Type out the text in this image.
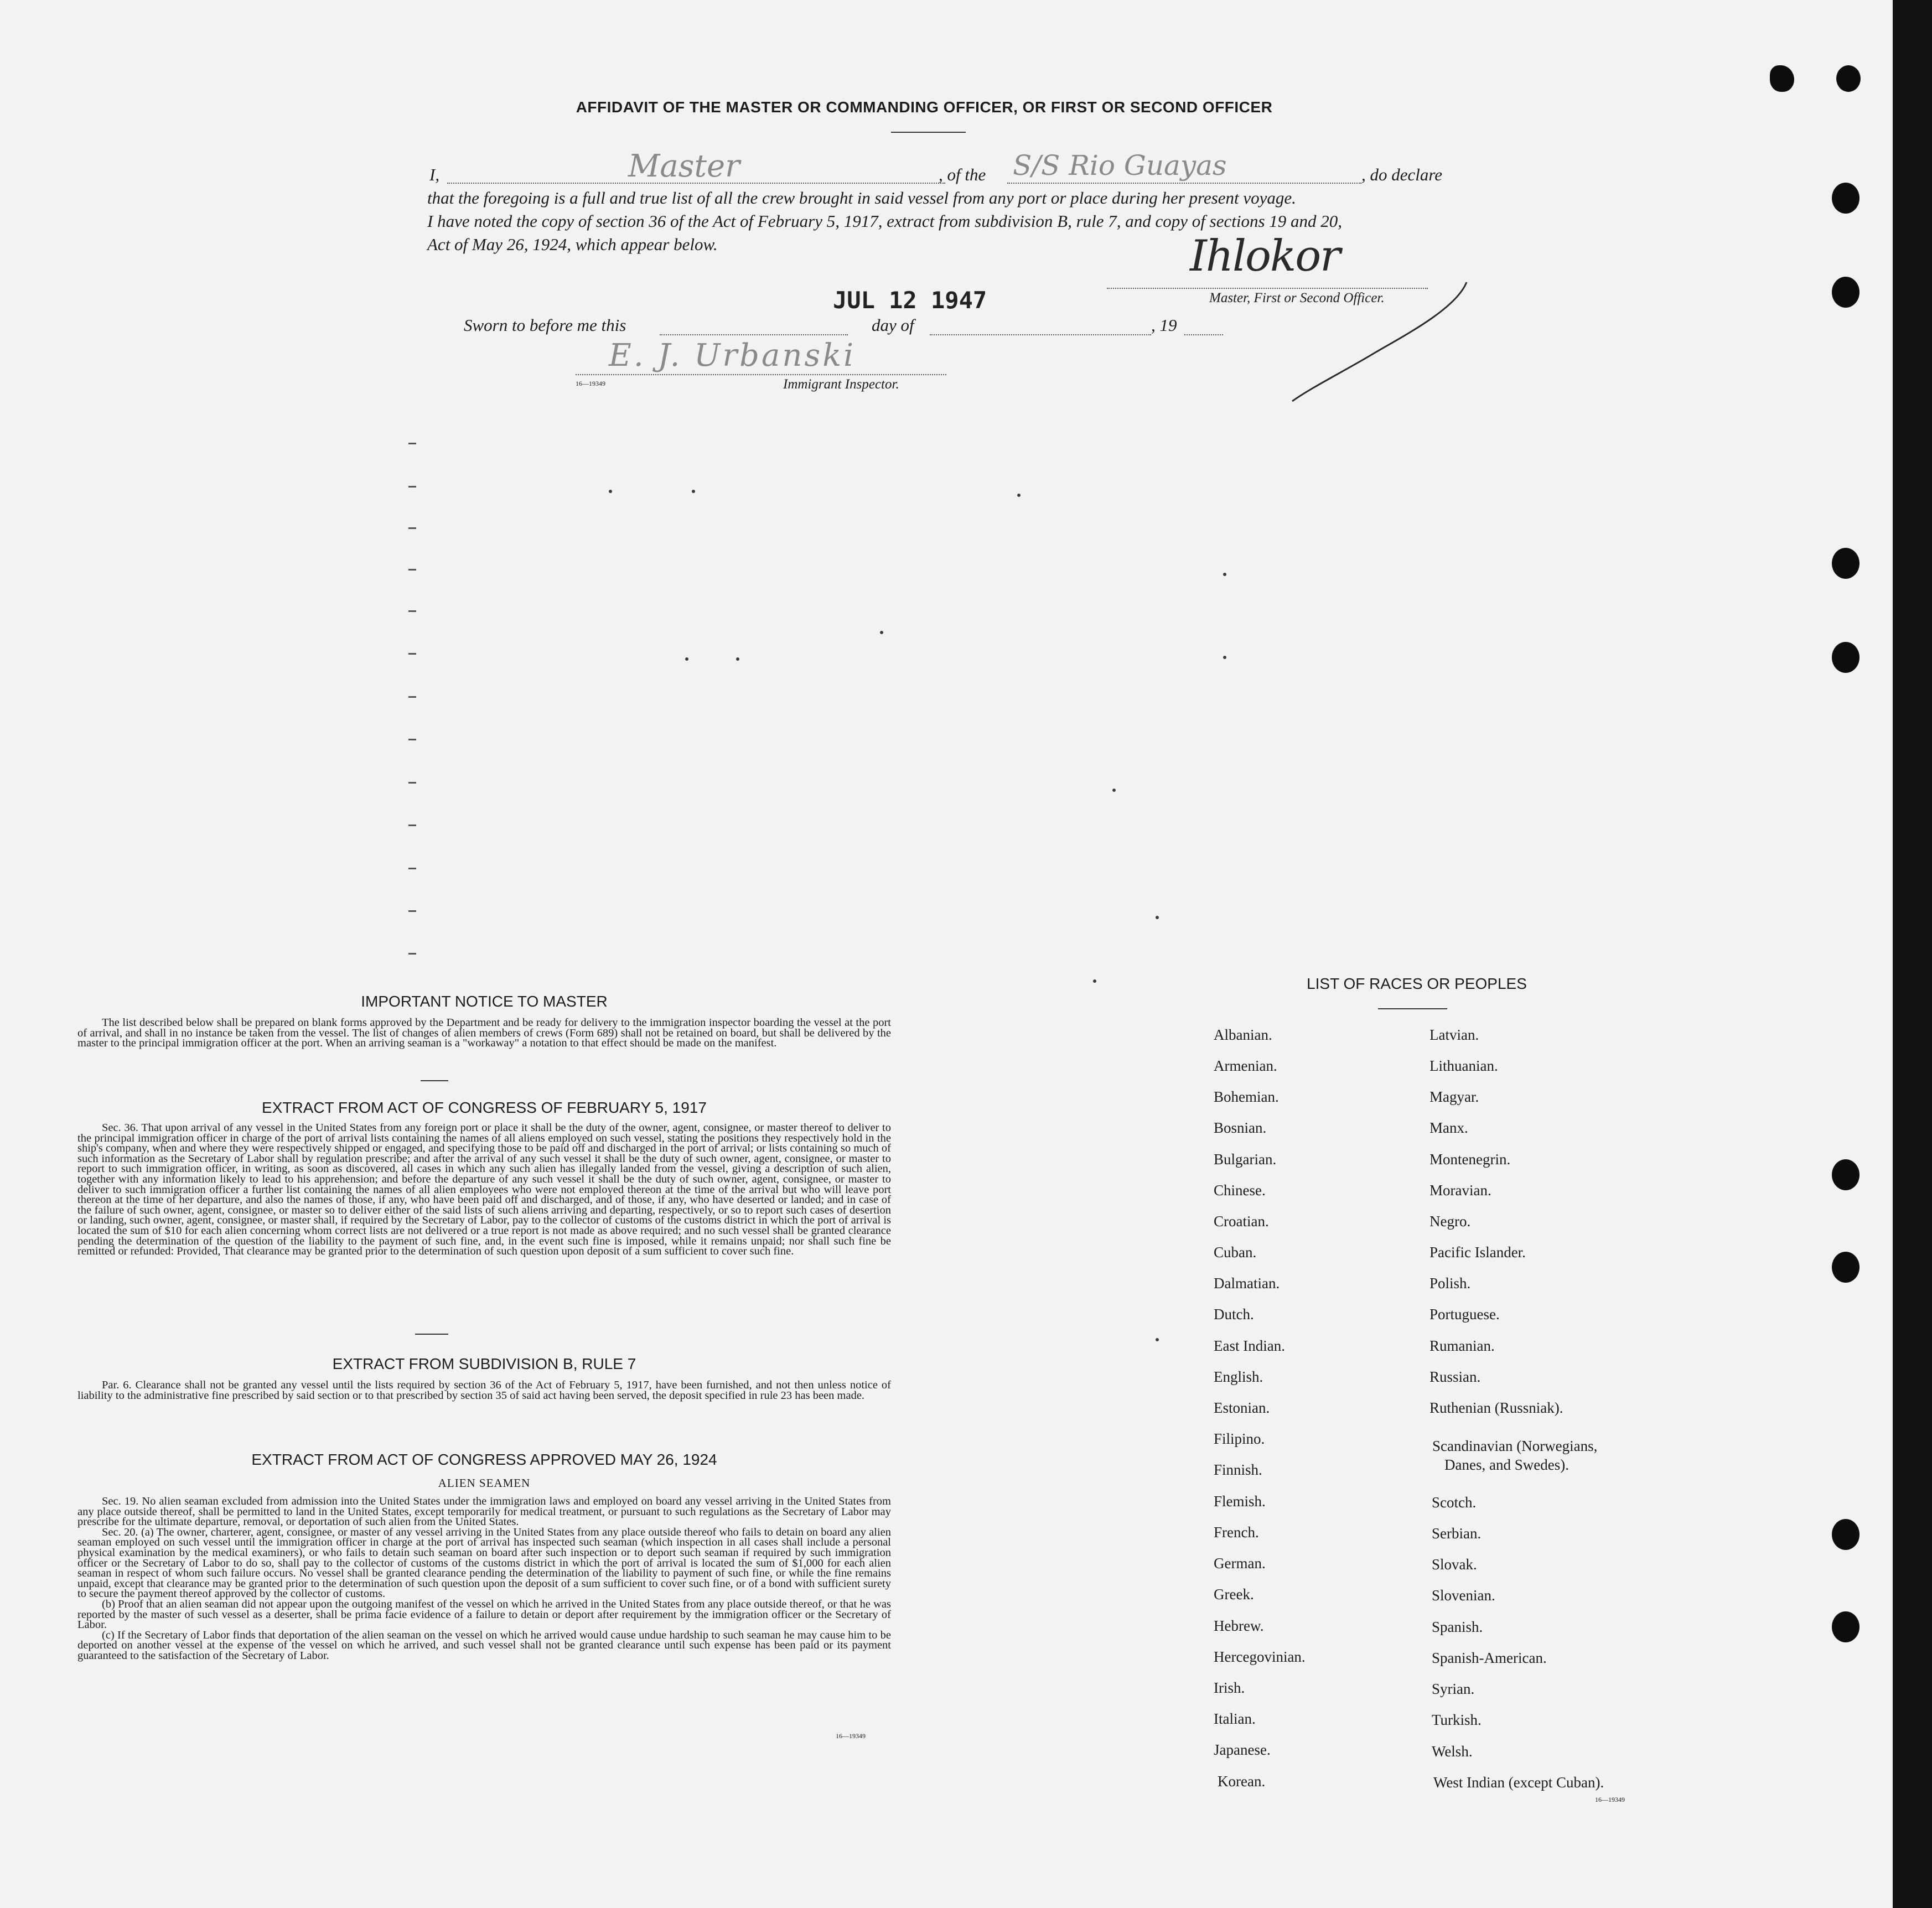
AFFIDAVIT OF THE MASTER OR COMMANDING OFFICER, OR FIRST OR SECOND OFFICER
I,	Master	, of the S/S Rio Guayas	, do declare
that the foregoing is a full and true list of all the crew brought in said vessel from any port or place during her present voyage.
I have noted the copy of section 36 of the Act of February 5, 1917, extract from subdivision B, rule 7, and copy of sections 19 and 20,
Act of May 26, 1924, which appear below.	Ihlokor
Master, First or Second Officer.
JUL 12 1947
Sworn to before me this	day of	, 19
E. J. Urbanski
16—19349	Immigrant Inspector.
IMPORTANT NOTICE TO MASTER
The list described below shall be prepared on blank forms approved by the Department and be ready for delivery to the immigration inspector boarding the vessel at the port of arrival, and shall in no instance be taken from the vessel. The list of changes of alien members of crews (Form 689) shall not be retained on board, but shall be delivered by the master to the principal immigration officer at the port. When an arriving seaman is a "workaway" a notation to that effect should be made on the manifest.
EXTRACT FROM ACT OF CONGRESS OF FEBRUARY 5, 1917
Sec. 36. That upon arrival of any vessel in the United States from any foreign port or place it shall be the duty of the owner, agent, consignee, or master thereof to deliver to the principal immigration officer in charge of the port of arrival lists containing the names of all aliens employed on such vessel, stating the positions they respectively hold in the ship's company, when and where they were respectively shipped or engaged, and specifying those to be paid off and discharged in the port of arrival; or lists containing so much of such information as the Secretary of Labor shall by regulation prescribe; and after the arrival of any such vessel it shall be the duty of such owner, agent, consignee, or master to report to such immigration officer, in writing, as soon as discovered, all cases in which any such alien has illegally landed from the vessel, giving a description of such alien, together with any information likely to lead to his apprehension; and before the departure of any such vessel it shall be the duty of such owner, agent, consignee, or master to deliver to such immigration officer a further list containing the names of all alien employees who were not employed thereon at the time of the arrival but who will leave port thereon at the time of her departure, and also the names of those, if any, who have been paid off and discharged, and of those, if any, who have deserted or landed; and in case of the failure of such owner, agent, consignee, or master so to deliver either of the said lists of such aliens arriving and departing, respectively, or so to report such cases of desertion or landing, such owner, agent, consignee, or master shall, if required by the Secretary of Labor, pay to the collector of customs of the customs district in which the port of arrival is located the sum of $10 for each alien concerning whom correct lists are not delivered or a true report is not made as above required; and no such vessel shall be granted clearance pending the determination of the question of the liability to the payment of such fine, and, in the event such fine is imposed, while it remains unpaid; nor shall such fine be remitted or refunded: Provided, That clearance may be granted prior to the determination of such question upon deposit of a sum sufficient to cover such fine.
EXTRACT FROM SUBDIVISION B, RULE 7
Par. 6. Clearance shall not be granted any vessel until the lists required by section 36 of the Act of February 5, 1917, have been furnished, and not then unless notice of liability to the administrative fine prescribed by said section or to that prescribed by section 35 of said act having been served, the deposit specified in rule 23 has been made.
EXTRACT FROM ACT OF CONGRESS APPROVED MAY 26, 1924
ALIEN SEAMEN
Sec. 19. No alien seaman excluded from admission into the United States under the immigration laws and employed on board any vessel arriving in the United States from any place outside thereof, shall be permitted to land in the United States, except temporarily for medical treatment, or pursuant to such regulations as the Secretary of Labor may prescribe for the ultimate departure, removal, or deportation of such alien from the United States.
Sec. 20. (a) The owner, charterer, agent, consignee, or master of any vessel arriving in the United States from any place outside thereof who fails to detain on board any alien seaman employed on such vessel until the immigration officer in charge at the port of arrival has inspected such seaman (which inspection in all cases shall include a personal physical examination by the medical examiners), or who fails to detain such seaman on board after such inspection or to deport such seaman if required by such immigration officer or the Secretary of Labor to do so, shall pay to the collector of customs of the customs district in which the port of arrival is located the sum of $1,000 for each alien seaman in respect of whom such failure occurs. No vessel shall be granted clearance pending the determination of the liability to payment of such fine, or while the fine remains unpaid, except that clearance may be granted prior to the determination of such question upon the deposit of a sum sufficient to cover such fine, or of a bond with sufficient surety to secure the payment thereof approved by the collector of customs.
(b) Proof that an alien seaman did not appear upon the outgoing manifest of the vessel on which he arrived in the United States from any place outside thereof, or that he was reported by the master of such vessel as a deserter, shall be prima facie evidence of a failure to detain or deport after requirement by the immigration officer or the Secretary of Labor.
(c) If the Secretary of Labor finds that deportation of the alien seaman on the vessel on which he arrived would cause undue hardship to such seaman he may cause him to be deported on another vessel at the expense of the vessel on which he arrived, and such vessel shall not be granted clearance until such expense has been paid or its payment guaranteed to the satisfaction of the Secretary of Labor.
16—19349
LIST OF RACES OR PEOPLES
Albanian.
Armenian.
Bohemian.
Bosnian.
Bulgarian.
Chinese.
Croatian.
Cuban.
Dalmatian.
Dutch.
East Indian.
English.
Estonian.
Filipino.
Finnish.
Flemish.
French.
German.
Greek.
Hebrew.
Hercegovinian.
Irish.
Italian.
Japanese.
Korean.
Latvian.
Lithuanian.
Magyar.
Manx.
Montenegrin.
Moravian.
Negro.
Pacific Islander.
Polish.
Portuguese.
Rumanian.
Russian.
Ruthenian (Russniak).
Scandinavian (Norwegians,
Danes, and Swedes).
Scotch.
Serbian.
Slovak.
Slovenian.
Spanish.
Spanish-American.
Syrian.
Turkish.
Welsh.
West Indian (except Cuban).
16—19349
